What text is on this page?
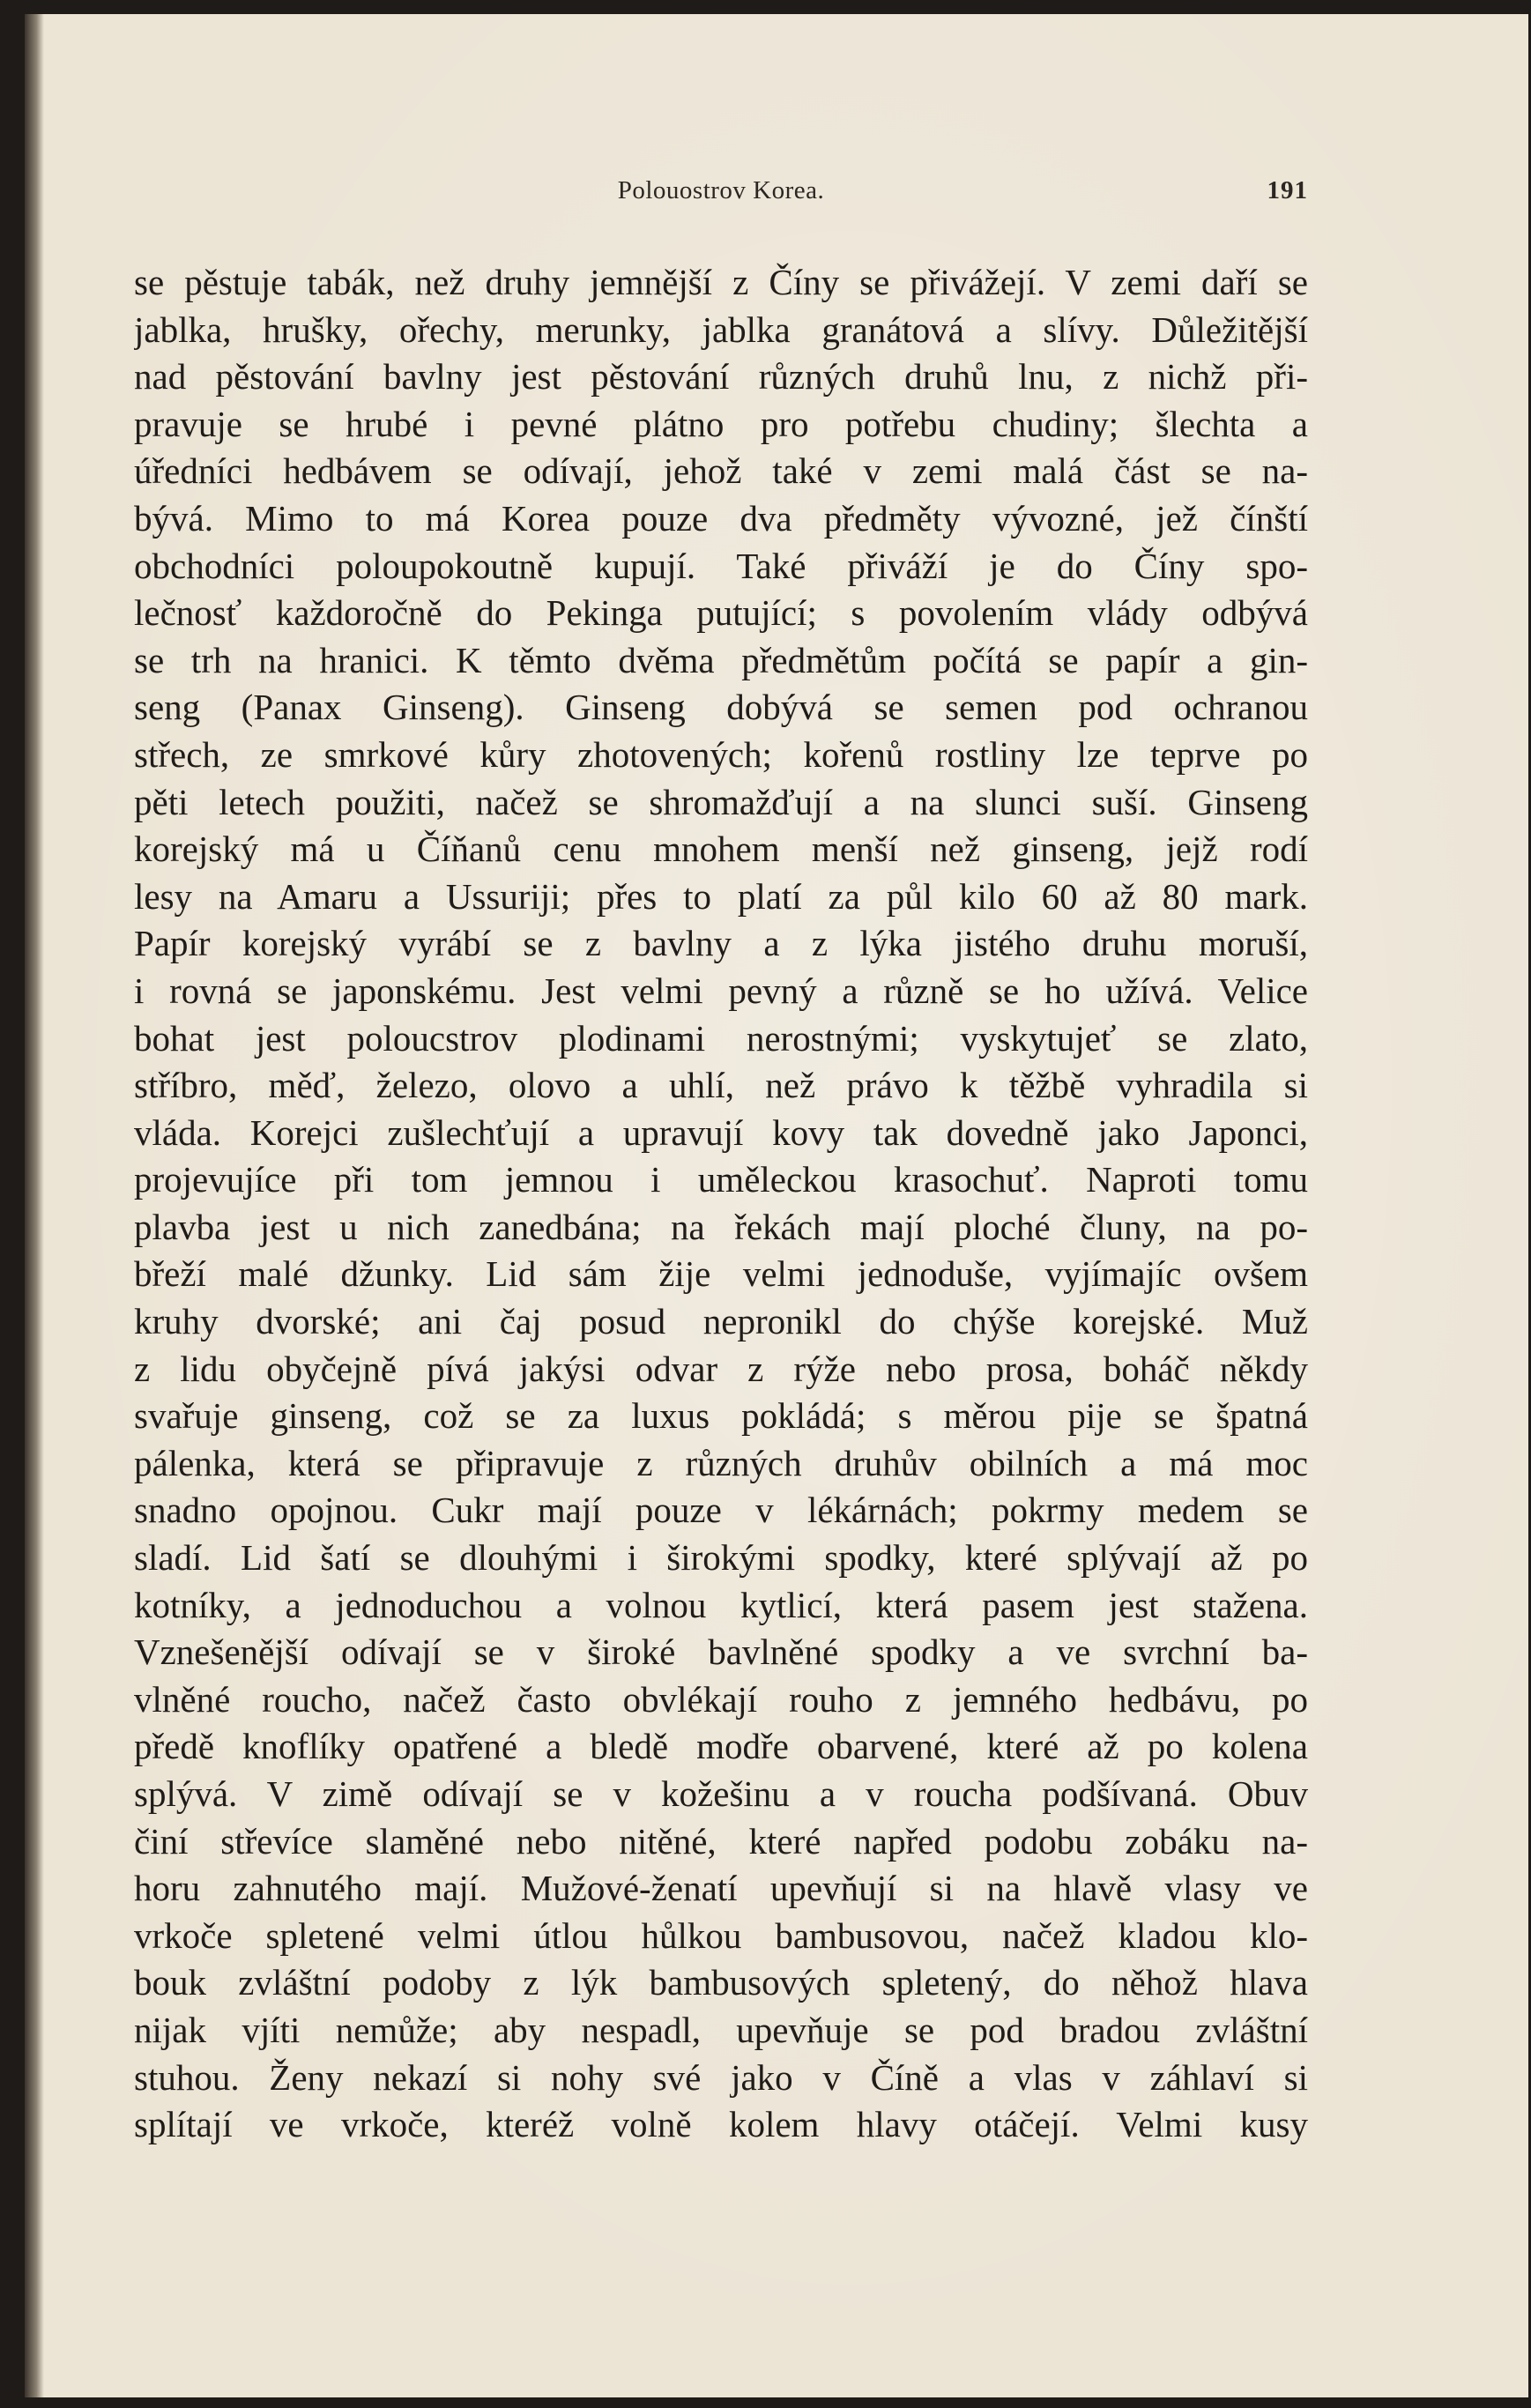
Polouostrov Korea.	191
se pěstuje tabák, než druhy jemnější z Číny se přivážejí. V zemi daří se
jablka, hrušky, ořechy, merunky, jablka granátová a slívy. Důležitější
nad pěstování bavlny jest pěstování různých druhů lnu, z nichž při-
pravuje se hrubé i pevné plátno pro potřebu chudiny; šlechta a
úředníci hedbávem se odívají, jehož také v zemi malá část se na-
bývá. Mimo to má Korea pouze dva předměty vývozné, jež čínští
obchodníci poloupokoutně kupují. Také přiváží je do Číny spo-
lečnosť každoročně do Pekinga putující; s povolením vlády odbývá
se trh na hranici. K těmto dvěma předmětům počítá se papír a gin-
seng (Panax Ginseng). Ginseng dobývá se semen pod ochranou
střech, ze smrkové kůry zhotovených; kořenů rostliny lze teprve po
pěti letech použiti, načež se shromažďují a na slunci suší. Ginseng
korejský má u Číňanů cenu mnohem menší než ginseng, jejž rodí
lesy na Amaru a Ussuriji; přes to platí za půl kilo 60 až 80 mark.
Papír korejský vyrábí se z bavlny a z lýka jistého druhu moruší,
i rovná se japonskému. Jest velmi pevný a různě se ho užívá. Velice
bohat jest poloucstrov plodinami nerostnými; vyskytujeť se zlato,
stříbro, měď, železo, olovo a uhlí, než právo k těžbě vyhradila si
vláda. Korejci zušlechťují a upravují kovy tak dovedně jako Japonci,
projevujíce při tom jemnou i uměleckou krasochuť. Naproti tomu
plavba jest u nich zanedbána; na řekách mají ploché čluny, na po-
břeží malé džunky. Lid sám žije velmi jednoduše, vyjímajíc ovšem
kruhy dvorské; ani čaj posud nepronikl do chýše korejské. Muž
z lidu obyčejně pívá jakýsi odvar z rýže nebo prosa, boháč někdy
svařuje ginseng, což se za luxus pokládá; s měrou pije se špatná
pálenka, která se připravuje z různých druhův obilních a má moc
snadno opojnou. Cukr mají pouze v lékárnách; pokrmy medem se
sladí. Lid šatí se dlouhými i širokými spodky, které splývají až po
kotníky, a jednoduchou a volnou kytlicí, která pasem jest stažena.
Vznešenější odívají se v široké bavlněné spodky a ve svrchní ba-
vlněné roucho, načež často obvlékají rouho z jemného hedbávu, po
předě knoflíky opatřené a bledě modře obarvené, které až po kolena
splývá. V zimě odívají se v kožešinu a v roucha podšívaná. Obuv
činí střevíce slaměné nebo nitěné, které napřed podobu zobáku na-
horu zahnutého mají. Mužové-ženatí upevňují si na hlavě vlasy ve
vrkoče spletené velmi útlou hůlkou bambusovou, načež kladou klo-
bouk zvláštní podoby z lýk bambusových spletený, do něhož hlava
nijak vjíti nemůže; aby nespadl, upevňuje se pod bradou zvláštní
stuhou. Ženy nekazí si nohy své jako v Číně a vlas v záhlaví si
splítají ve vrkoče, kteréž volně kolem hlavy otáčejí. Velmi kusy
